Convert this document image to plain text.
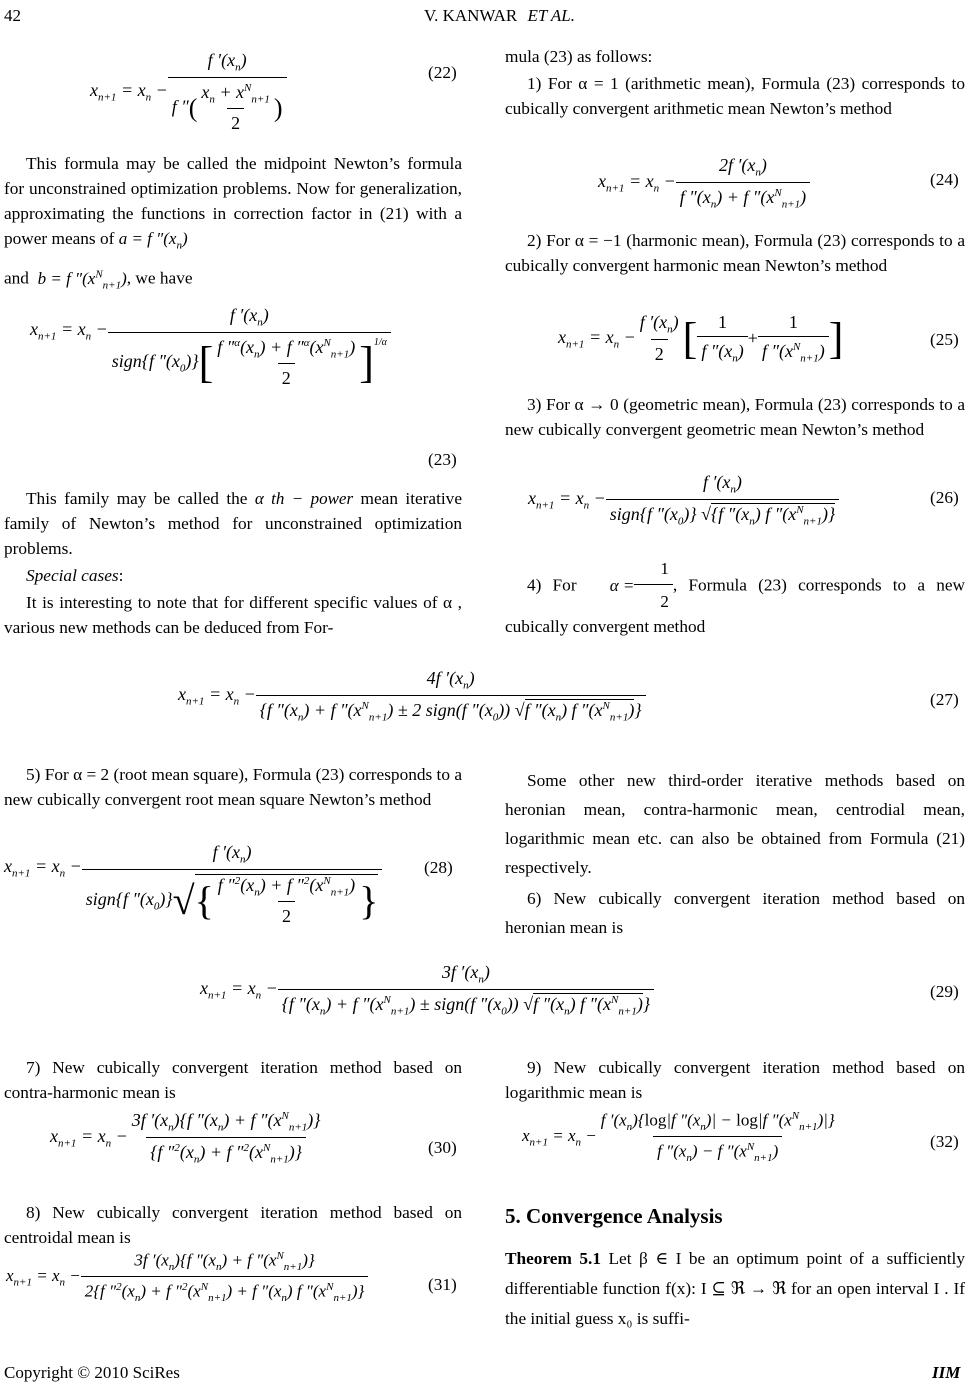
42	V. KANWAR ET AL.
$x_{n+1} = x_n - \frac{f '(x_n)}{f ''( \frac{x_n + x^N_{n+1}}{2} )}$	(22)

This formula may be called the midpoint Newton’s formula for unconstrained optimization problems. Now for generalization, approximating the functions in correction factor in (21) with a power means of a = f $''(x_n)$

and b = f $''(x^N_{n+1})$, we have

$x_{n+1} = x_n$ −
f $'(x_n)$
sign{f $''(x_0)$} [ $\frac{f ''^\alpha(x_n) + f ''^\alpha(x^N_{n+1})}{2}$ ] 1/α
(23)

This family may be called the α th − power mean iterative family of Newton’s method for unconstrained optimization problems.

Special cases:

It is interesting to note that for different specific values of α , various new methods can be deduced from For-

mula (23) as follows:

1) For α = 1 (arithmetic mean), Formula (23) corresponds to cubically convergent arithmetic mean Newton’s method

$x_{n+1} = x_n - \frac{2f '(x_n)}{f ''(x_n) + f ''(x^N_{n+1})}$	(24)

2) For α = −1 (harmonic mean), Formula (23) corresponds to a cubically convergent harmonic mean Newton’s method

$x_{n+1} = x_n - \frac{f '(x_n)}{2}$ [ $\frac{1}{f ''(x_n)} + \frac{1}{f ''(x^N_{n+1})}$ ]	(25)

3) For α → 0 (geometric mean), Formula (23) corresponds to a new cubically convergent geometric mean Newton’s method

$x_{n+1} = x_n - \frac{f '(x_n)}{sign\{f ''(x_0)\} √\{f ''(x_n) f ''(x^N_{n+1})\}}$	(26)

4) For $\alpha = \frac{1}{2}$ , Formula (23) corresponds to a new cubically convergent method

$x_{n+1} = x_n - \frac{4f '(x_n)}{\{f ''(x_n) + f ''(x^N_{n+1}) \pm 2 sign(f ''(x_0)) √f ''(x_n) f ''(x^N_{n+1})\}}$	(27)

5) For α = 2 (root mean square), Formula (23) corresponds to a new cubically convergent root mean square Newton’s method

$x_{n+1} = x_n - \frac{f '(x_n)}{sign\{f ''(x_0)\} √ \{ \frac{f ''^2(x_n) + f ''^2(x^N_{n+1})}{2} \}} (28)$

Some other new third-order iterative methods based on heronian mean, contra-harmonic mean, centrodial mean, logarithmic mean etc. can also be obtained from Formula (21) respectively.

6) New cubically convergent iteration method based on heronian mean is

$x_{n+1} = x_n - \frac{3f '(x_n)}{\{f ''(x_n) + f ''(x^N_{n+1}) \pm sign(f ''(x_0)) √f ''(x_n) f ''(x^N_{n+1})\}}$	(29)

7) New cubically convergent iteration method based on contra-harmonic mean is

$x_{n+1} = x_n - \frac{3f '(x_n)\{f ''(x_n) + f ''(x^N_{n+1})\}}{\{f ''^2(x_n) + f ''^2(x^N_{n+1})\}}$	(30)

8) New cubically convergent iteration method based on centroidal mean is

$x_{n+1} = x_n - \frac{3f '(x_n)\{f ''(x_n) + f ''(x^N_{n+1})\}}{2\{f ''^2(x_n) + f ''^2(x^N_{n+1}) + f ''(x_n) f ''(x^N_{n+1})\}}$	(31)

9) New cubically convergent iteration method based on logarithmic mean is

$x_{n+1} = x_n - \frac{f '(x_n)\{\log|f ''(x_n)| - \log|f ''(x^N_{n+1})|\}}{f ''(x_n) - f ''(x^N_{n+1})}$	(32)
5. Convergence Analysis

Theorem 5.1 Let β ∈ I be an optimum point of a sufficiently differentiable function f(x): I ⊆ ℜ → ℜ for an open interval I . If the initial guess x₀ is suffi-

Copyright © 2010 SciRes	IIM
